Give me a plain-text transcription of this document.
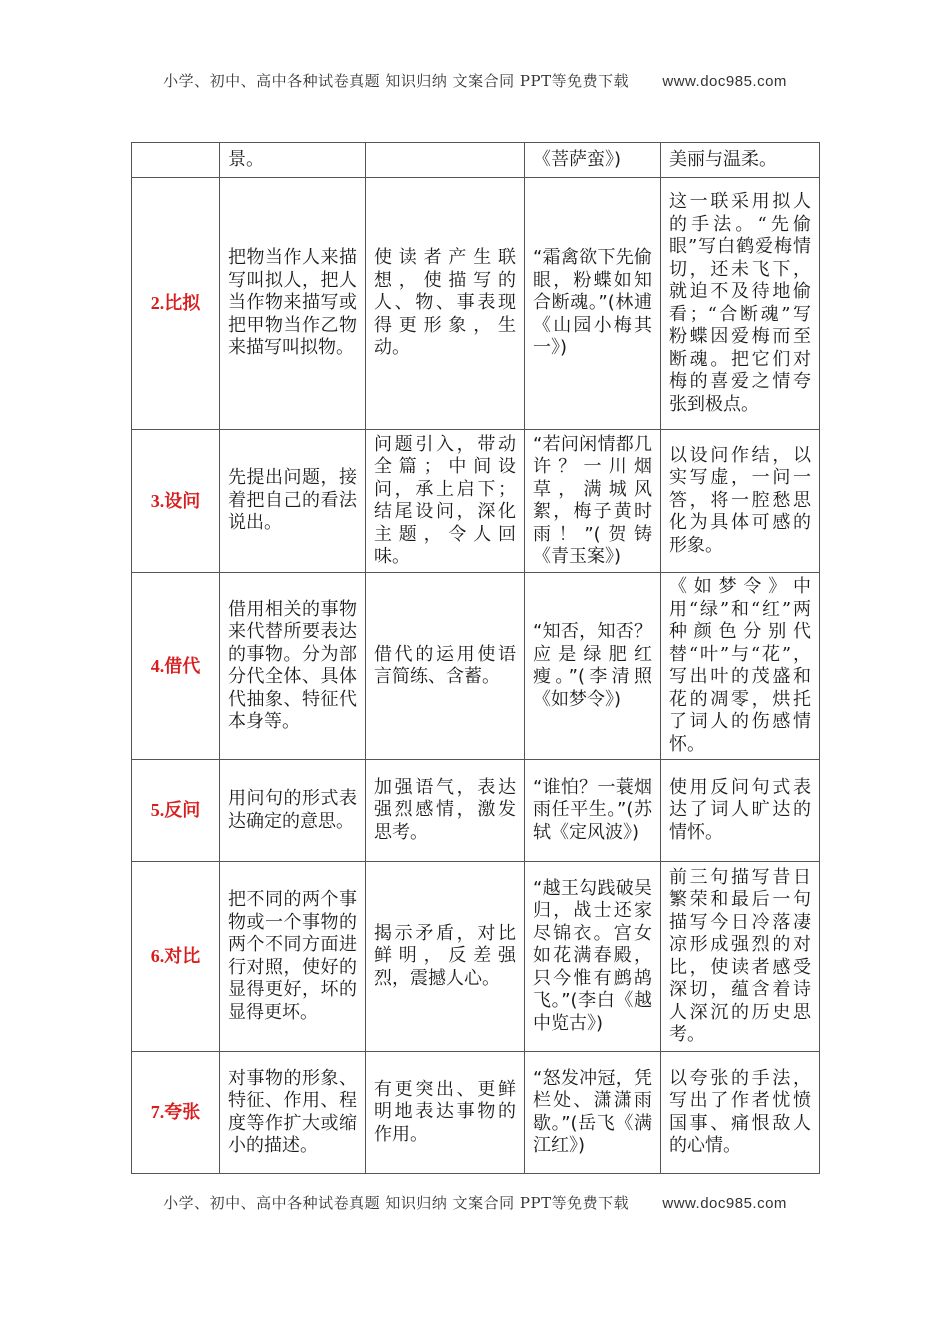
小学、初中、高中各种试卷真题 知识归纳 文案合同 PPT等免费下载 www.doc985.com
	景。		《菩萨蛮》)	美丽与温柔。
2.比拟	把物当作人来描写叫拟人，把人当作物来描写或把甲物当作乙物来描写叫拟物。	使读者产生联想，使描写的人、物、事表现得更形象，生动。	“霜禽欲下先偷眼，粉蝶如知合断魂。”(林逋《山园小梅其一》)	这一联采用拟人的手法。“先偷眼”写白鹤爱梅情切，还未飞下，就迫不及待地偷看；“合断魂”写粉蝶因爱梅而至断魂。把它们对梅的喜爱之情夸张到极点。
3.设问	先提出问题，接着把自己的看法说出。	问题引入，带动全篇；中间设问，承上启下；结尾设问，深化主题，令人回味。	“若问闲情都几许？一川烟草，满城风絮，梅子黄时雨！”(贺铸《青玉案》)	以设问作结，以实写虚，一问一答，将一腔愁思化为具体可感的形象。
4.借代	借用相关的事物来代替所要表达的事物。分为部分代全体、具体代抽象、特征代本身等。	借代的运用使语言简练、含蓄。	“知否，知否？应是绿肥红瘦。”(李清照《如梦令》)	《如梦令》中用“绿”和“红”两种颜色分别代替“叶”与“花”，写出叶的茂盛和花的凋零，烘托了词人的伤感情怀。
5.反问	用问句的形式表达确定的意思。	加强语气，表达强烈感情，激发思考。	“谁怕？一蓑烟雨任平生。”(苏轼《定风波》)	使用反问句式表达了词人旷达的情怀。
6.对比	把不同的两个事物或一个事物的两个不同方面进行对照，使好的显得更好，坏的显得更坏。	揭示矛盾，对比鲜明，反差强烈，震撼人心。	“越王勾践破吴归，战士还家尽锦衣。宫女如花满春殿，只今惟有鹧鸪飞。”(李白《越中览古》)	前三句描写昔日繁荣和最后一句描写今日冷落凄凉形成强烈的对比，使读者感受深切，蕴含着诗人深沉的历史思考。
7.夸张	对事物的形象、特征、作用、程度等作扩大或缩小的描述。	有更突出、更鲜明地表达事物的作用。	“怒发冲冠，凭栏处、潇潇雨歇。”(岳飞《满江红》)	以夸张的手法，写出了作者忧愤国事、痛恨敌人的心情。
小学、初中、高中各种试卷真题 知识归纳 文案合同 PPT等免费下载 www.doc985.com
